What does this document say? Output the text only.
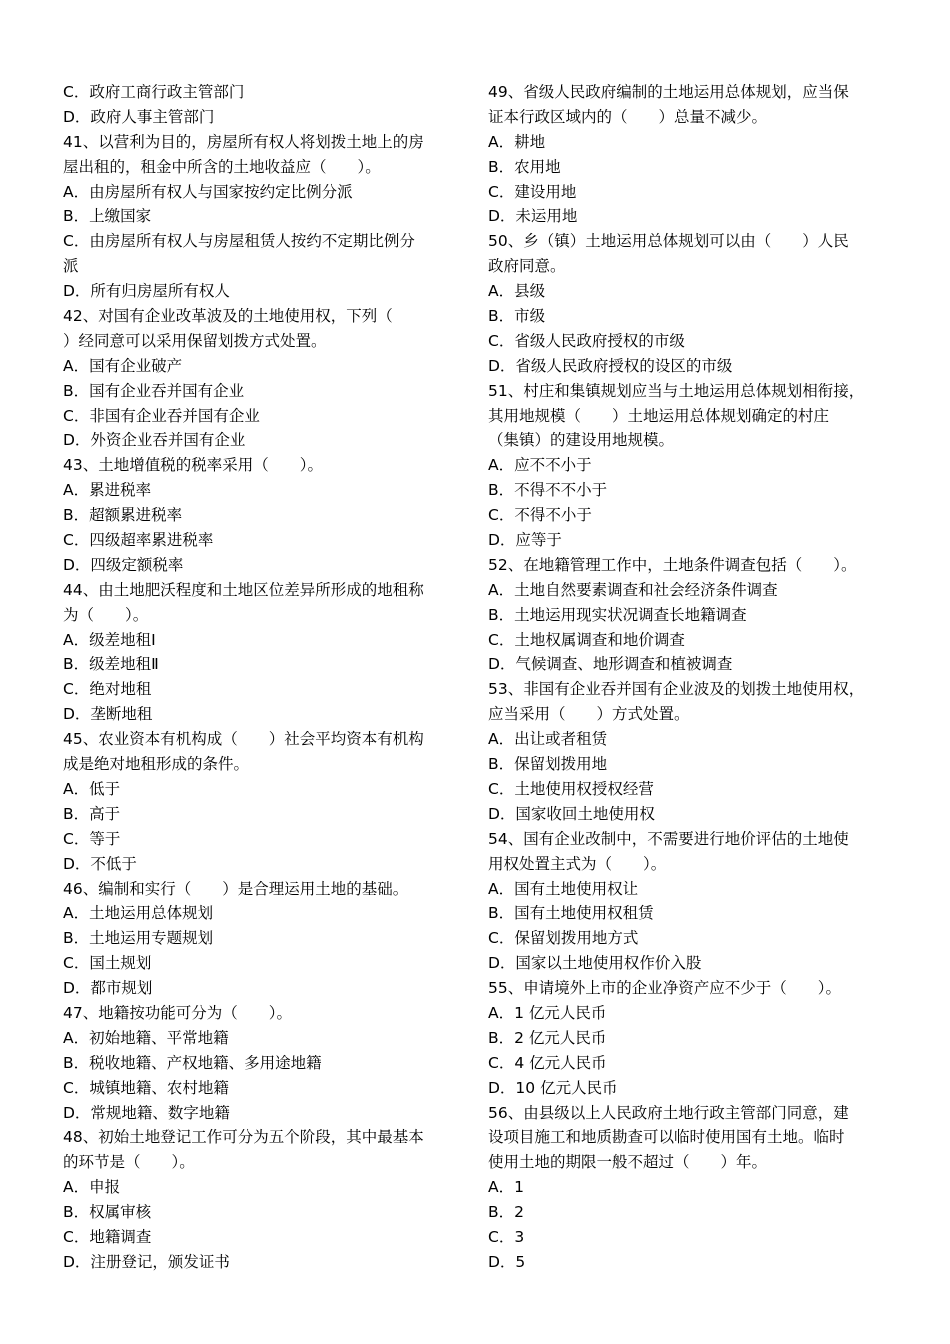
C．政府工商行政主管部门
D．政府人事主管部门
41、以营利为目的，房屋所有权人将划拨土地上的房
屋出租的，租金中所含的土地收益应（　　）。
A．由房屋所有权人与国家按约定比例分派
B．上缴国家
C．由房屋所有权人与房屋租赁人按约不定期比例分
派
D．所有归房屋所有权人
42、对国有企业改革波及的土地使用权，下列（
）经同意可以采用保留划拨方式处置。
A．国有企业破产
B．国有企业吞并国有企业
C．非国有企业吞并国有企业
D．外资企业吞并国有企业
43、土地增值税的税率采用（　　）。
A．累进税率
B．超额累进税率
C．四级超率累进税率
D．四级定额税率
44、由土地肥沃程度和土地区位差异所形成的地租称
为（　　）。
A．级差地租Ⅰ
B．级差地租Ⅱ
C．绝对地租
D．垄断地租
45、农业资本有机构成（　　）社会平均资本有机构
成是绝对地租形成的条件。
A．低于
B．高于
C．等于
D．不低于
46、编制和实行（　　）是合理运用土地的基础。
A．土地运用总体规划
B．土地运用专题规划
C．国土规划
D．都市规划
47、地籍按功能可分为（　　）。
A．初始地籍、平常地籍
B．税收地籍、产权地籍、多用途地籍
C．城镇地籍、农村地籍
D．常规地籍、数字地籍
48、初始土地登记工作可分为五个阶段，其中最基本
的环节是（　　）。
A．申报
B．权属审核
C．地籍调查
D．注册登记，颁发证书
49、省级人民政府编制的土地运用总体规划，应当保
证本行政区域内的（　　）总量不减少。
A．耕地
B．农用地
C．建设用地
D．未运用地
50、乡（镇）土地运用总体规划可以由（　　）人民
政府同意。
A．县级
B．市级
C．省级人民政府授权的市级
D．省级人民政府授权的设区的市级
51、村庄和集镇规划应当与土地运用总体规划相衔接，
其用地规模（　　）土地运用总体规划确定的村庄
（集镇）的建设用地规模。
A．应不不小于
B．不得不不小于
C．不得不小于
D．应等于
52、在地籍管理工作中，土地条件调查包括（　　）。
A．土地自然要素调查和社会经济条件调查
B．土地运用现实状况调查长地籍调查
C．土地权属调查和地价调查
D．气候调查、地形调查和植被调查
53、非国有企业吞并国有企业波及的划拨土地使用权，
应当采用（　　）方式处置。
A．出让或者租赁
B．保留划拨用地
C．土地使用权授权经营
D．国家收回土地使用权
54、国有企业改制中，不需要进行地价评估的土地使
用权处置主式为（　　）。
A．国有土地使用权让
B．国有土地使用权租赁
C．保留划拨用地方式
D．国家以土地使用权作价入股
55、申请境外上市的企业净资产应不少于（　　）。
A．1 亿元人民币
B．2 亿元人民币
C．4 亿元人民币
D．10 亿元人民币
56、由县级以上人民政府土地行政主管部门同意，建
设项目施工和地质勘查可以临时使用国有土地。临时
使用土地的期限一般不超过（　　）年。
A．1
B．2
C．3
D．5
